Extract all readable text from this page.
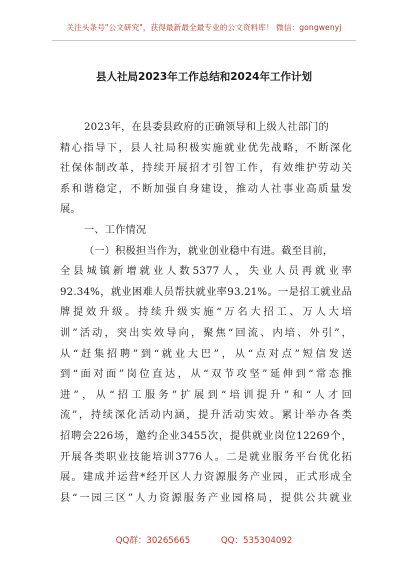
关注头条号"公文研究"，获得最新最全最专业的公文资料库！ 微信：gongwenyj
县人社局2023年工作总结和2024年工作计划
2023年，在县委县政府的正确领导和上级人社部门的
精心指导下，县人社局积极实施就业优先战略，不断深化
社保体制改革，持续开展招才引智工作，有效维护劳动关
系和谐稳定，不断加强自身建设，推动人社事业高质量发
展。
一、工作情况
（一）积极担当作为，就业创业稳中有进。截至目前，
全县城镇新增就业人数5377人，失业人员再就业率
92.34%，就业困难人员帮扶就业率93.21%。一是招工就业品
牌提效升级。持续升级实施“万名大招工、万人大培
训”活动，突出实效导向，聚焦“回流、内培、外引”，
从“赶集招聘”到“就业大巴”，从“点对点”短信发送
到“面对面”岗位直达，从“双节攻坚”延伸到“常态推
进”，从“招工服务”扩展到“培训提升”和“人才回
流”，持续深化活动内涵，提升活动实效。累计举办各类
招聘会226场，邀约企业3455次，提供就业岗位12269个，
开展各类职业技能培训3776人。二是就业服务平台优化拓
展。建成并运营*经开区人力资源服务产业园，正式形成全
县“一园三区”人力资源服务产业园格局，提供公共就业
QQ群：30265665	QQ：535304092
